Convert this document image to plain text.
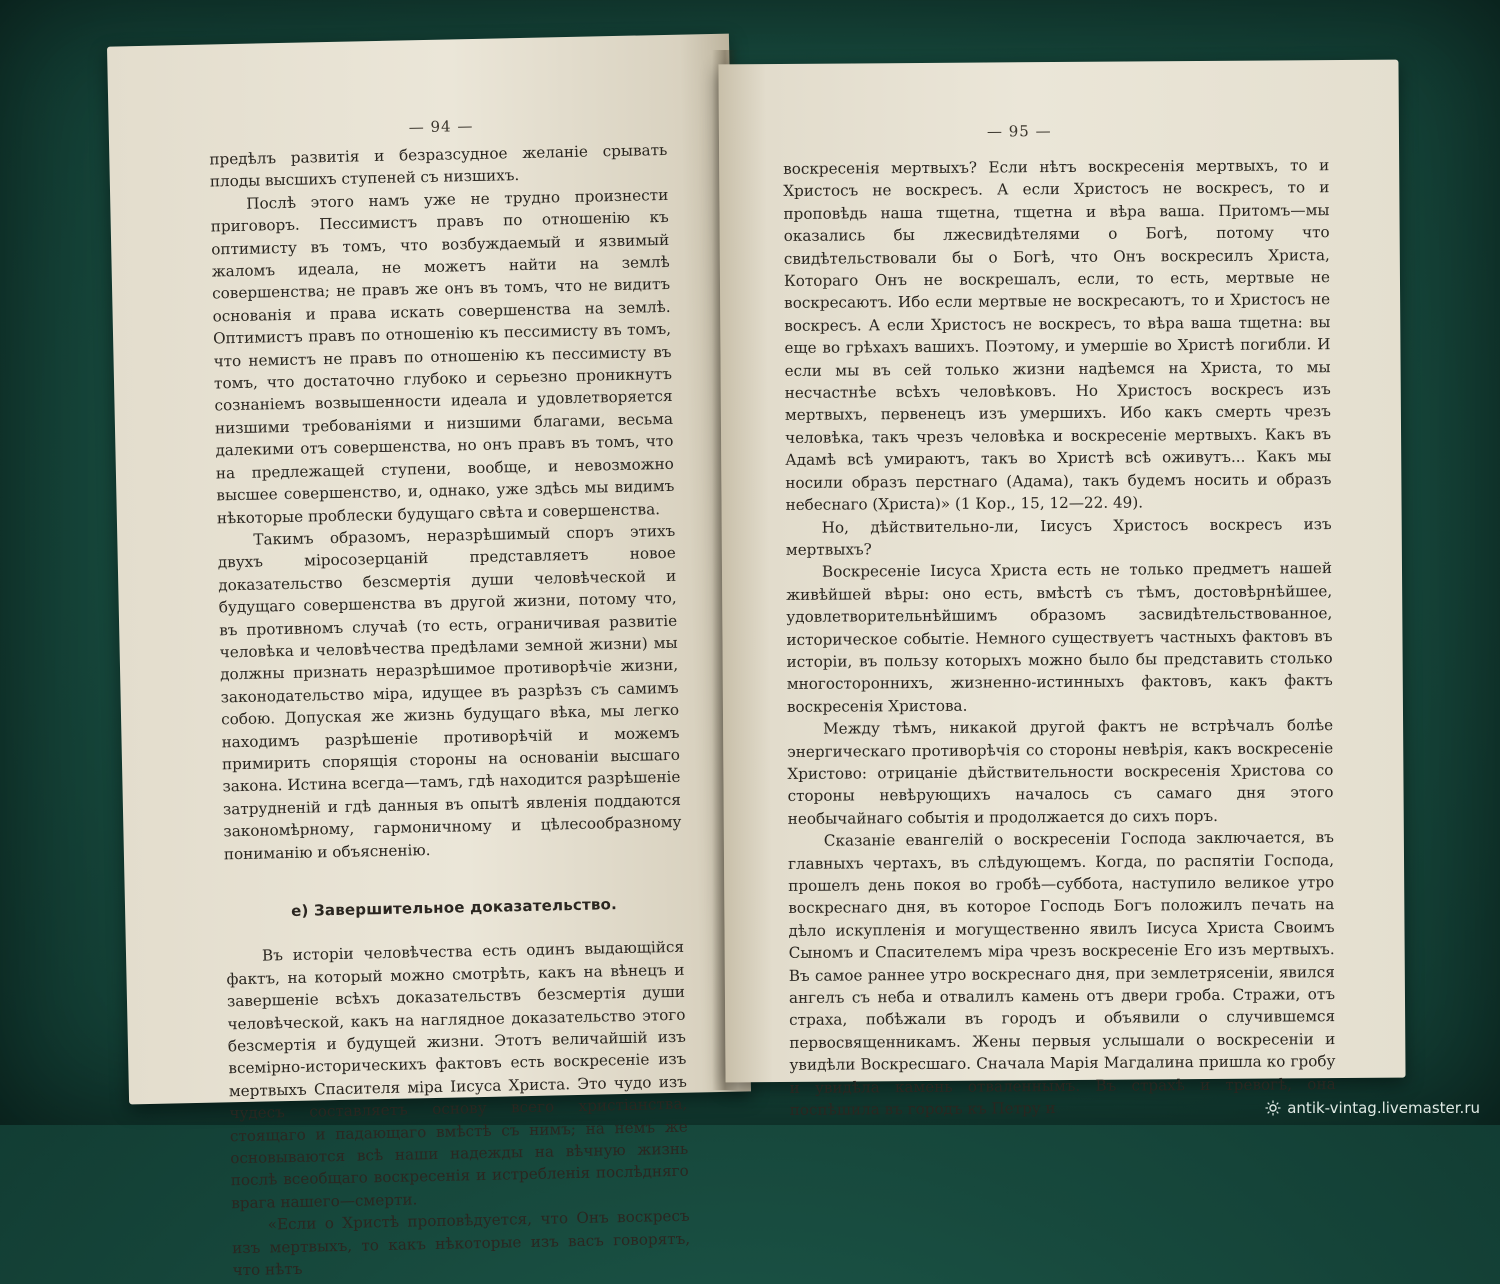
— 94 —

предѣлъ развитія и безразсудное желаніе срывать плоды высшихъ ступеней съ низшихъ.

Послѣ этого намъ уже не трудно произнести приговоръ. Пессимистъ правъ по отношенію къ оптимисту въ томъ, что возбуждаемый и язвимый жаломъ идеала, не можетъ найти на землѣ совершенства; не правъ же онъ въ томъ, что не видитъ основанія и права искать совершенства на землѣ. Оптимистъ правъ по отношенію къ пессимисту въ томъ, что немистъ не правъ по отношенію къ пессимисту въ томъ, что достаточно глубоко и серьезно проникнутъ сознаніемъ возвышенности идеала и удовлетворяется низшими требованіями и низшими благами, весьма далекими отъ совершенства, но онъ правъ въ томъ, что на предлежащей ступени, вообще, и невозможно высшее совершенство, и, однако, уже здѣсь мы видимъ нѣкоторые проблески будущаго свѣта и совершенства.

Такимъ образомъ, неразрѣшимый споръ этихъ двухъ міросозерцаній представляетъ новое доказательство безсмертія души человѣческой и будущаго совершенства въ другой жизни, потому что, въ противномъ случаѣ (то есть, ограничивая развитіе человѣка и человѣчества предѣлами земной жизни) мы должны признать неразрѣшимое противорѣчіе жизни, законодательство міра, идущее въ разрѣзъ съ самимъ собою. Допуская же жизнь будущаго вѣка, мы легко находимъ разрѣшеніе противорѣчій и можемъ примирить спорящія стороны на основаніи высшаго закона. Истина всегда—тамъ, гдѣ находится разрѣшеніе затрудненій и гдѣ данныя въ опытѣ явленія поддаются закономѣрному, гармоничному и цѣлесообразному пониманію и объясненію.

е) Завершительное доказательство.

Въ исторіи человѣчества есть одинъ выдающійся фактъ, на который можно смотрѣть, какъ на вѣнецъ и завершеніе всѣхъ доказательствъ безсмертія души человѣческой, какъ на наглядное доказательство этого безсмертія и будущей жизни. Этотъ величайшій изъ всемірно-историческихъ фактовъ есть воскресеніе изъ мертвыхъ Спасителя міра Іисуса Христа. Это чудо изъ чудесъ составляетъ основу всего христіанства, стоящаго и падающаго вмѣстѣ съ нимъ; на немъ же основываются всѣ наши надежды на вѣчную жизнь послѣ всеобщаго воскресенія и истребленія послѣдняго врага нашего—смерти.

«Если о Христѣ проповѣдуется, что Онъ воскресъ изъ мертвыхъ, то какъ нѣкоторые изъ васъ говорятъ, что нѣтъ

— 95 —

воскресенія мертвыхъ? Если нѣтъ воскресенія мертвыхъ, то и Христосъ не воскресъ. А если Христосъ не воскресъ, то и проповѣдь наша тщетна, тщетна и вѣра ваша. Притомъ—мы оказались бы лжесвидѣтелями о Богѣ, потому что свидѣтельствовали бы о Богѣ, что Онъ воскресилъ Христа, Котораго Онъ не воскрешалъ, если, то есть, мертвые не воскресаютъ. Ибо если мертвые не воскресаютъ, то и Христосъ не воскресъ. А если Христосъ не воскресъ, то вѣра ваша тщетна: вы еще во грѣхахъ вашихъ. Поэтому, и умершіе во Христѣ погибли. И если мы въ сей только жизни надѣемся на Христа, то мы несчастнѣе всѣхъ человѣковъ. Но Христосъ воскресъ изъ мертвыхъ, первенецъ изъ умершихъ. Ибо какъ смерть чрезъ человѣка, такъ чрезъ человѣка и воскресеніе мертвыхъ. Какъ въ Адамѣ всѣ умираютъ, такъ во Христѣ всѣ оживутъ... Какъ мы носили образъ перстнаго (Адама), такъ будемъ носить и образъ небеснаго (Христа)» (1 Кор., 15, 12—22. 49).

Но, дѣйствительно-ли, Іисусъ Христосъ воскресъ изъ мертвыхъ?

Воскресеніе Іисуса Христа есть не только предметъ нашей живѣйшей вѣры: оно есть, вмѣстѣ съ тѣмъ, достовѣрнѣйшее, удовлетворительнѣйшимъ образомъ засвидѣтельствованное, историческое событіе. Немного существуетъ частныхъ фактовъ въ исторіи, въ пользу которыхъ можно было бы представить столько многостороннихъ, жизненно-истинныхъ фактовъ, какъ фактъ воскресенія Христова.

Между тѣмъ, никакой другой фактъ не встрѣчалъ болѣе энергическаго противорѣчія со стороны невѣрія, какъ воскресеніе Христово: отрицаніе дѣйствительности воскресенія Христова со стороны невѣрующихъ началось съ самаго дня этого необычайнаго событія и продолжается до сихъ поръ.

Сказаніе евангелій о воскресеніи Господа заключается, въ главныхъ чертахъ, въ слѣдующемъ. Когда, по распятіи Господа, прошелъ день покоя во гробѣ—суббота, наступило великое утро воскреснаго дня, въ которое Господь Богъ положилъ печать на дѣло искупленія и могущественно явилъ Іисуса Христа Своимъ Сыномъ и Спасителемъ міра чрезъ воскресеніе Его изъ мертвыхъ. Въ самое раннее утро воскреснаго дня, при землетрясеніи, явился ангелъ съ неба и отвалилъ камень отъ двери гроба. Стражи, отъ страха, побѣжали въ городъ и объявили о случившемся первосвященникамъ. Жены первыя услышали о воскресеніи и увидѣли Воскресшаго. Сначала Марія Магдалина пришла ко гробу и увидѣла камень отваленнымъ. Въ страхѣ и тревогѣ, она поспѣшила въ городъ къ Петру и	antik-vintag.livemaster.ru
